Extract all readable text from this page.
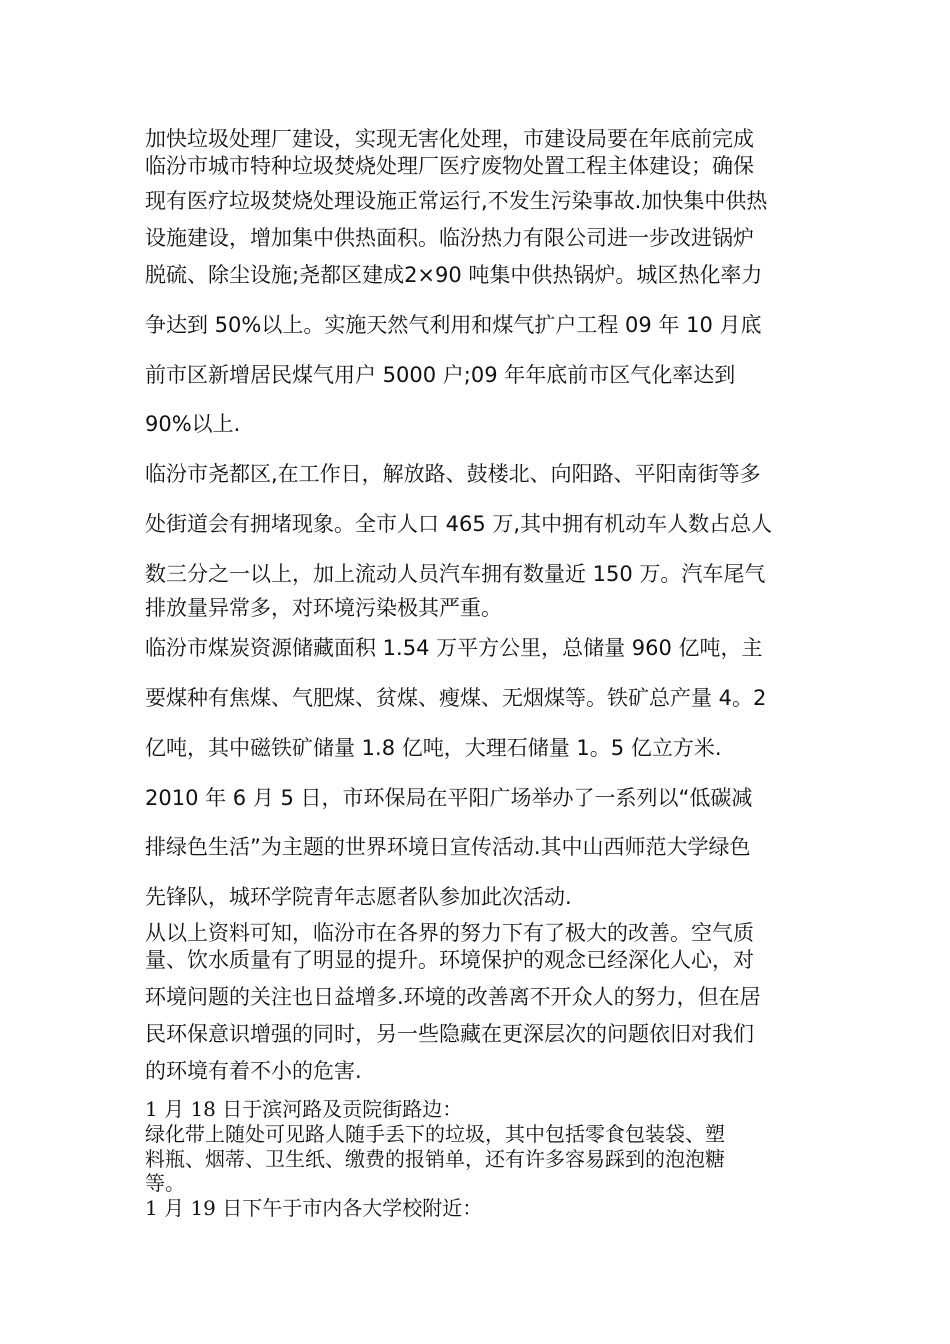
加快垃圾处理厂建设，实现无害化处理，市建设局要在年底前完成
临汾市城市特种垃圾焚烧处理厂医疗废物处置工程主体建设；确保
现有医疗垃圾焚烧处理设施正常运行,不发生污染事故.加快集中供热
设施建设，增加集中供热面积。临汾热力有限公司进一步改进锅炉
脱硫、除尘设施;尧都区建成2×90 吨集中供热锅炉。城区热化率力
争达到 50%以上。实施天然气利用和煤气扩户工程 09 年 10 月底
前市区新增居民煤气用户 5000 户;09 年年底前市区气化率达到
90%以上.
临汾市尧都区,在工作日，解放路、鼓楼北、向阳路、平阳南街等多
处街道会有拥堵现象。全市人口 465 万,其中拥有机动车人数占总人
数三分之一以上，加上流动人员汽车拥有数量近 150 万。汽车尾气
排放量异常多，对环境污染极其严重。
临汾市煤炭资源储藏面积 1.54 万平方公里，总储量 960 亿吨，主
要煤种有焦煤、气肥煤、贫煤、瘦煤、无烟煤等。铁矿总产量 4。2
亿吨，其中磁铁矿储量 1.8 亿吨，大理石储量 1。5 亿立方米.
2010 年 6 月 5 日，市环保局在平阳广场举办了一系列以“低碳减
排绿色生活”为主题的世界环境日宣传活动.其中山西师范大学绿色
先锋队，城环学院青年志愿者队参加此次活动.
从以上资料可知，临汾市在各界的努力下有了极大的改善。空气质
量、饮水质量有了明显的提升。环境保护的观念已经深化人心，对
环境问题的关注也日益增多.环境的改善离不开众人的努力，但在居
民环保意识增强的同时，另一些隐藏在更深层次的问题依旧对我们
的环境有着不小的危害.
1 月 18 日于滨河路及贡院街路边：
绿化带上随处可见路人随手丢下的垃圾，其中包括零食包装袋、塑
料瓶、烟蒂、卫生纸、缴费的报销单，还有许多容易踩到的泡泡糖
等。
1 月 19 日下午于市内各大学校附近：
